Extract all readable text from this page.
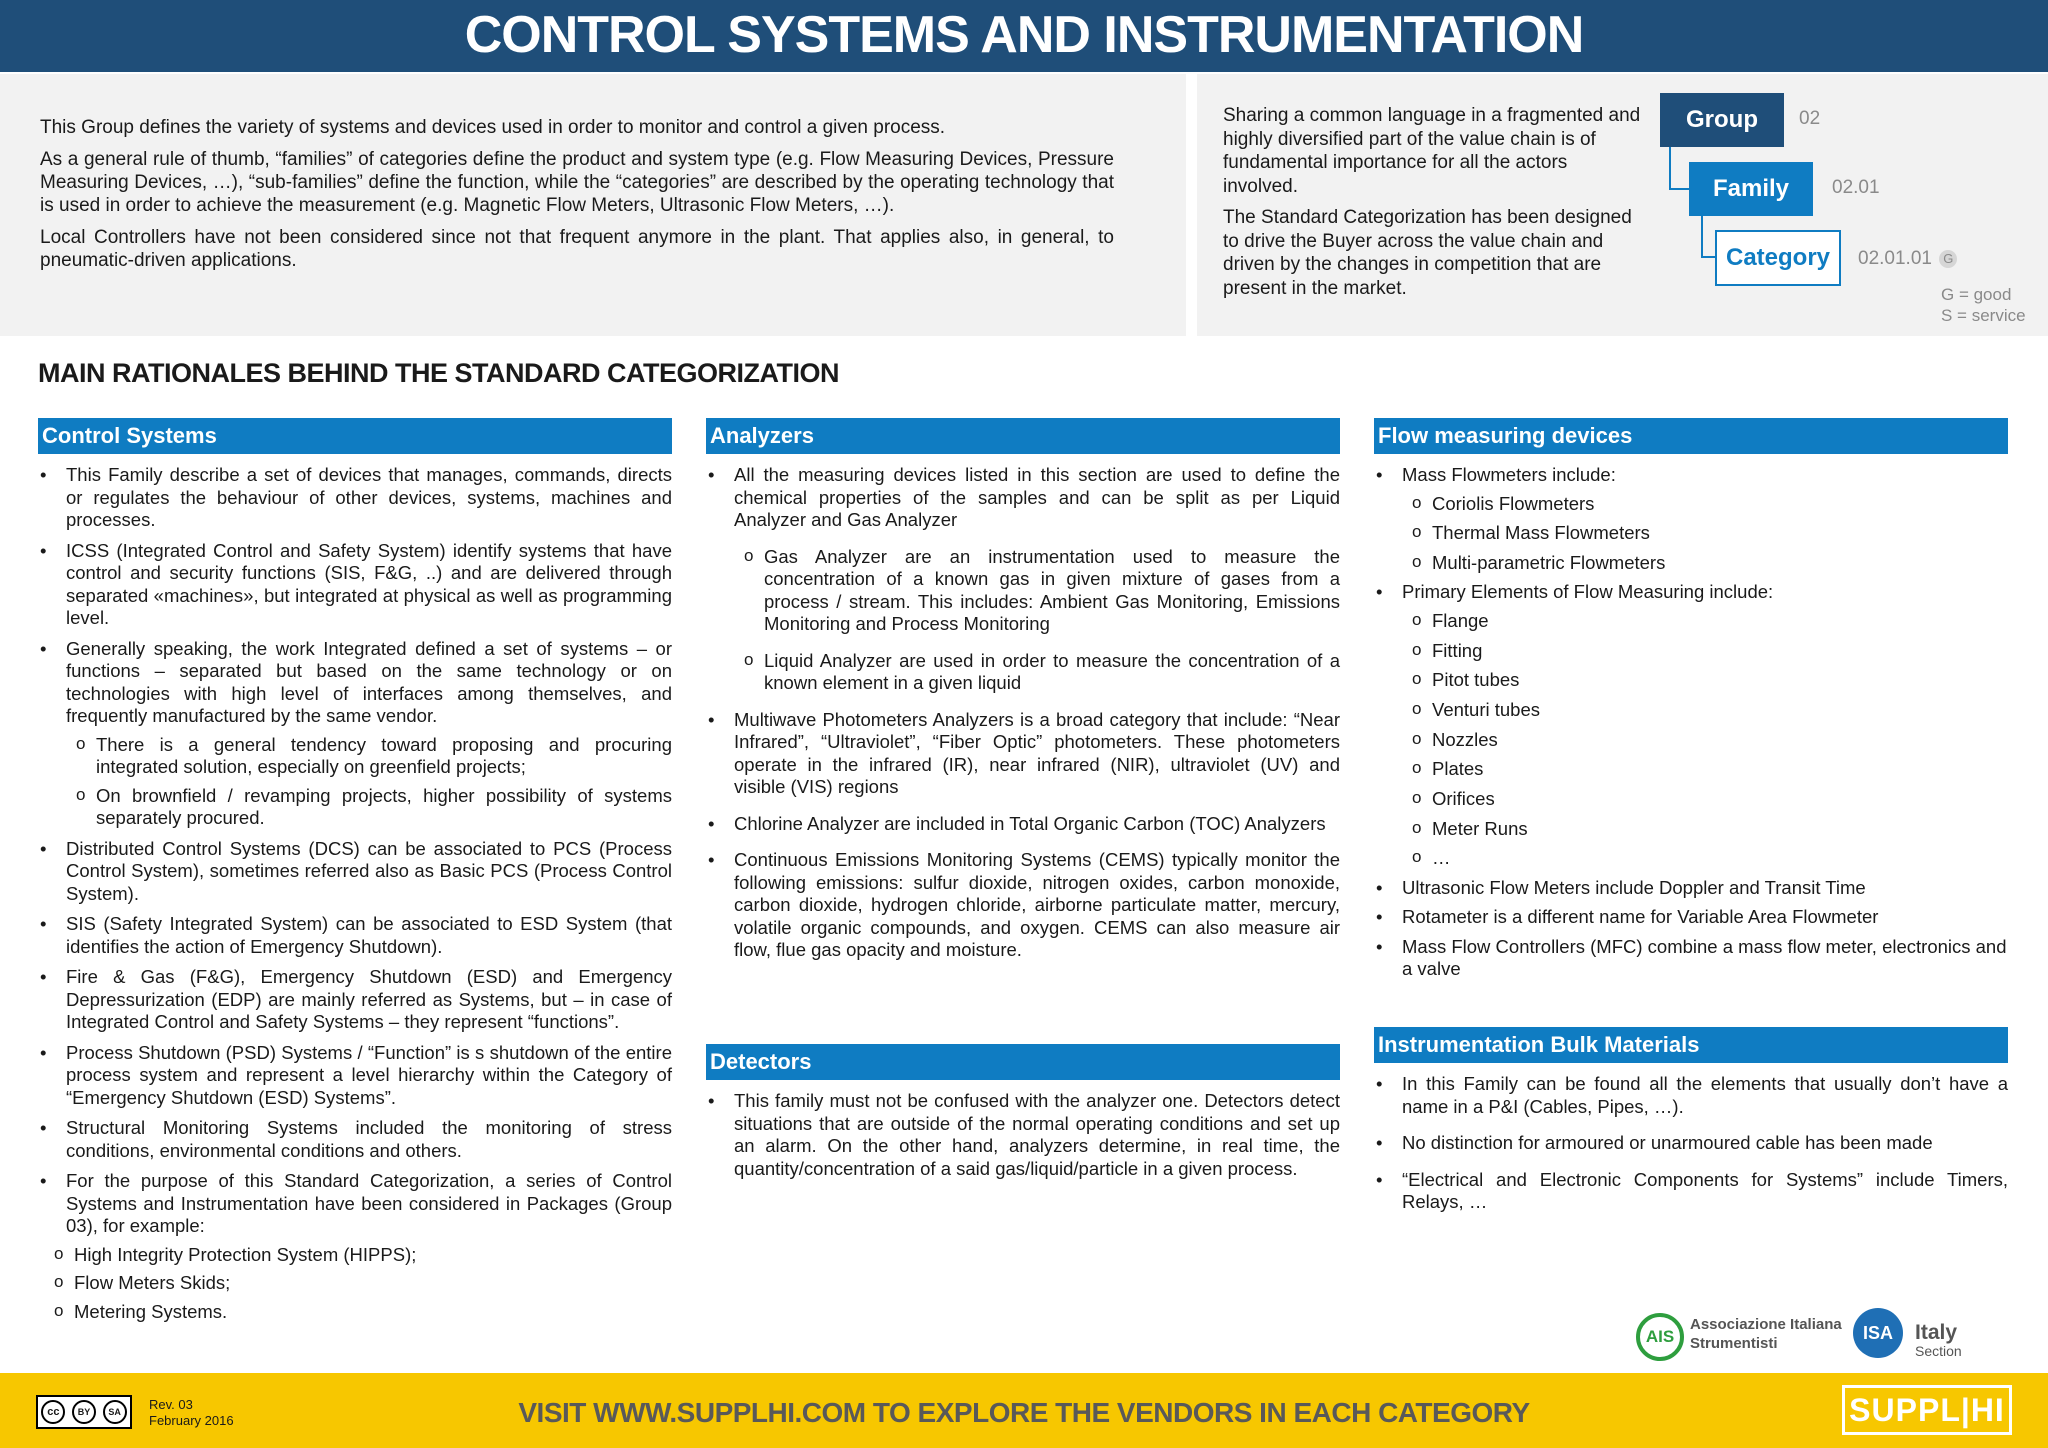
CONTROL SYSTEMS AND INSTRUMENTATION

This Group defines the variety of systems and devices used in order to monitor and control a given process.

As a general rule of thumb, “families” of categories define the product and system type (e.g. Flow Measuring Devices, Pressure Measuring Devices, …), “sub-families” define the function, while the “categories” are described by the operating technology that is used in order to achieve the measurement (e.g. Magnetic Flow Meters, Ultrasonic Flow Meters, …).

Local Controllers have not been considered since not that frequent anymore in the plant. That applies also, in general, to pneumatic-driven applications.

Sharing a common language in a fragmented and highly diversified part of the value chain is of fundamental importance for all the actors involved.

The Standard Categorization has been designed to drive the Buyer across the value chain and driven by the changes in competition that are present in the market.

Group	02
Family	02.01
Category	02.01.01 G
G = good
S = service
MAIN RATIONALES BEHIND THE STANDARD CATEGORIZATION
Control Systems
• This Family describe a set of devices that manages, commands, directs or regulates the behaviour of other devices, systems, machines and processes.
• ICSS (Integrated Control and Safety System) identify systems that have control and security functions (SIS, F&G, ..) and are delivered through separated «machines», but integrated at physical as well as programming level.
• Generally speaking, the work Integrated defined a set of systems – or functions – separated but based on the same technology or on technologies with high level of interfaces among themselves, and frequently manufactured by the same vendor.
o There is a general tendency toward proposing and procuring integrated solution, especially on greenfield projects;
o On brownfield / revamping projects, higher possibility of systems separately procured.
• Distributed Control Systems (DCS) can be associated to PCS (Process Control System), sometimes referred also as Basic PCS (Process Control System).
• SIS (Safety Integrated System) can be associated to ESD System (that identifies the action of Emergency Shutdown).
• Fire & Gas (F&G), Emergency Shutdown (ESD) and Emergency Depressurization (EDP) are mainly referred as Systems, but – in case of Integrated Control and Safety Systems – they represent “functions”.
• Process Shutdown (PSD) Systems / “Function” is s shutdown of the entire process system and represent a level hierarchy within the Category of “Emergency Shutdown (ESD) Systems”.
• Structural Monitoring Systems included the monitoring of stress conditions, environmental conditions and others.
• For the purpose of this Standard Categorization, a series of Control Systems and Instrumentation have been considered in Packages (Group 03), for example:
o High Integrity Protection System (HIPPS);
o Flow Meters Skids;
o Metering Systems.
Analyzers
• All the measuring devices listed in this section are used to define the chemical properties of the samples and can be split as per Liquid Analyzer and Gas Analyzer
o Gas Analyzer are an instrumentation used to measure the concentration of a known gas in given mixture of gases from a process / stream. This includes: Ambient Gas Monitoring, Emissions Monitoring and Process Monitoring
o Liquid Analyzer are used in order to measure the concentration of a known element in a given liquid
• Multiwave Photometers Analyzers is a broad category that include: “Near Infrared”, “Ultraviolet”, “Fiber Optic” photometers. These photometers operate in the infrared (IR), near infrared (NIR), ultraviolet (UV) and visible (VIS) regions
• Chlorine Analyzer are included in Total Organic Carbon (TOC) Analyzers
• Continuous Emissions Monitoring Systems (CEMS) typically monitor the following emissions: sulfur dioxide, nitrogen oxides, carbon monoxide, carbon dioxide, hydrogen chloride, airborne particulate matter, mercury, volatile organic compounds, and oxygen. CEMS can also measure air flow, flue gas opacity and moisture.
Detectors
• This family must not be confused with the analyzer one. Detectors detect situations that are outside of the normal operating conditions and set up an alarm. On the other hand, analyzers determine, in real time, the quantity/concentration of a said gas/liquid/particle in a given process.
Flow measuring devices
• Mass Flowmeters include:
o Coriolis Flowmeters
o Thermal Mass Flowmeters
o Multi-parametric Flowmeters
• Primary Elements of Flow Measuring include:
o Flange
o Fitting
o Pitot tubes
o Venturi tubes
o Nozzles
o Plates
o Orifices
o Meter Runs
o …
• Ultrasonic Flow Meters include Doppler and Transit Time
• Rotameter is a different name for Variable Area Flowmeter
• Mass Flow Controllers (MFC) combine a mass flow meter, electronics and a valve
Instrumentation Bulk Materials
• In this Family can be found all the elements that usually don’t have a name in a P&I (Cables, Pipes, …).
• No distinction for armoured or unarmoured cable has been made
• “Electrical and Electronic Components for Systems” include Timers, Relays, …
AIS
Associazione Italiana
Strumentisti
ISA	Italy
Section
cc	BY	SA	Rev. 03
February 2016	VISIT WWW.SUPPLHI.COM TO EXPLORE THE VENDORS IN EACH CATEGORY	SUPPL|HI
